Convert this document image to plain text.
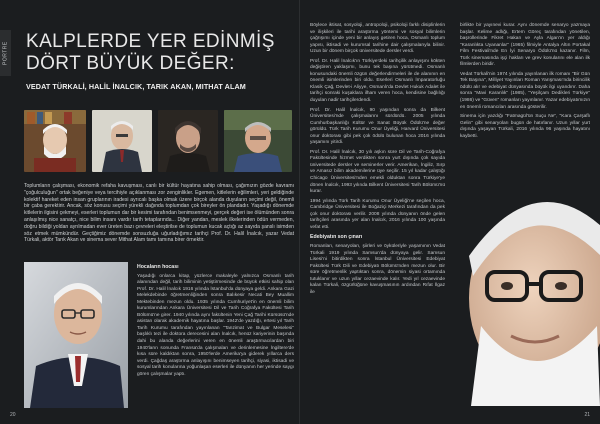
PORTRE KALPLERDE YER EDİNMİŞ DÖRT BÜYÜK DEĞER:
VEDAT TÜRKALİ, HALİL İNALCIK, TARIK AKAN, MITHAT ALAM

Toplumların çalışması, ekonomik refaha kavuşması, canlı bir kültür hayatına sahip olması, çağımızın gözde kavramı "çoğulculuğun" ortak beğeniye veya tercihiyle açıklanması zor zenginlikler. Egemen, kitlelerin eğilimleri, yeri geldiğinde kolektif hareket eden insan gruplarının iradesi ayrıcalı başka olmak üzere birçok alanda duyuların seçimi değil, önemli bir çaba gerektirir. Ancak, söz konusu seçimi yürekli dağında toplumdan çok bireyler ön plandadır. Yaşadığı dönemde kitlelerin ilgisini çekmeyi, eserleri toplumun dar bir kesimi tarafından benimsenmeyi, gerçek değeri ise ölümünden sonra anlaşılmış nice sanatçı, nice bilim insanı vardır tarih tetaplarında... Diğer yandan, meslek ilkelerinden ödün vermeden, doğru bildiği yoldan ayrılmadan ever üreten bazı çevreleri eleştirilse de toplumun kucak açtığı az sayıda şanslı isimden söz etmek mümkündür. Geçtiğimiz dönemde sonsuzluğa uğurladığımız tarihçi Prof. Dr. Halil İnalcık, yazar Vedat Türkali, aktör Tarık Akan ve sinema sever Mithat Alam tamı tamına birer örnektir.

Hocaların hocası

Yaşadığı onlarca kitap, yüzlerce makaleyle yalnızca Osmanlı tarih alanından değil, tarih biliminin yetiştirmesinde de büyük etkisi sahip olan Prof. Dr. Halil İnalcık 1916 yılında İstanbul'da dünyaya geldi. Ankara Gazi Melekdebinde öğretmenliğinden sonra Balıkesir Necati Bey Muallim Mektebinden mezun oldu. 1935 yılında Cumhuriyet'in en önemli bilim kurumlarından Ankara Üniversitesi Dil ve Tarih Coğrafya Fakültesi Tarih Bölümü'ne girer. 1940 yılında aynı fakültenin Yeni Çağ Tarihi Kürsüsü'nde asistan olarak akademik hayatına başlar. 1942'de yazdığı, ertesi yıl Tarih Tarih Kurumu tarafından yayınlanan "Tanzimat ve Bulgar Meselesi" başlıklı tezi ile doktora derecesini alan İnalcık, henüz kariyerinin başında dahi bu alanda değerlerini veren en önemli araştırmacılardan biri 1940'ların sonunda Fransa'da çalışmaları ve derinlemesine İngiltere'de kısa süre kaldıktan sonra, 1950'lerde Amerika'ya giderek yıllarca ders verdi. Çağdaş araştırma anlayışını benimseyen tarihçi, siyasi, iktisadi ve sosyal tarih konularına yoğunlaşan eserleri ile dünyanın her yerinde saygı gören çalışmalar yaptı.

20

Böylece iktisat, sosyoloji, antropoloji, psikoloji farklı disiplinlerin ve ilişkileri ile tarihi araştırma yöntemi ve sosyal bilimlerin çağrışımı içinde yeni bir anlayış getiren hoca, Osmanlı toplum yapısı, iktisadi ve kurumsal tarihine dair çalışmalarıyla bilinir. Uzun bir dönem birçok üniversitede dersler verdi.

Prof. Dr. Halil İnalcık'ın Türkiye'deki tarihçilik anlayışını kökten değiştiren yaklaşımı, bunu tek başına yürütmedi. Osmanlı konusundaki önemli özgün değerlendirmeleri ile de alanının en önemli isimlerinden biri oldu. Eserleri Osmanlı İmparatorluğu Klasik Çağ, Devlet-i Aliyye, Osmanlı'da Devlet Hukuk Adalet ile tarihçi sonraki kuşaklara ilham veren hoca, kendisine bağlılığı duyulan nadir tarihçilerdendi.

Prof. Dr. Halil İnalcık, 90 yaşından sonra da Bilkent Üniversitesi'nde çalışmalarını sürdürdü. 2005 yılında Cumhurbaşkanlığı Kültür ve Sanat Büyük Ödülü'ne değer görüldü. Türk Tarih Kurumu Onur Üyeliği, Harvard Üniversitesi onur doktorası gibi pek çok ödülü bulunan hoca 2016 yılında yaşamını yitirdi.

Prof. Dr. Halil İnalcık, 30 yılı aşkın süre Dil ve Tarih-Coğrafya Fakültesinde hizmet verdikten sonra yurt dışında çok sayıda üniversitede dersler ve seminerler verir. Amerikan, İngiliz, Sırp ve Amasız bilim akademilerine üye seçilir. 15 yıl kadar çalıştığı Chicago Üniversitesi'nden emekli olduktan sonra Türkiye'ye dönen İnalcık, 1993 yılında Bilkent Üniversitesi Tarih Bölümü'nü kurar.

1994 yılında Türk Tarih Kurumu Onur Üyeliği'ne seçilen hoca, Cambridge Üniversitesi ile Boğaziçi Merkezi tarafından da pek çok onur doktorası verilir. 2008 yılında dünyanın önde gelen tarihçileri arasında yer alan İnalcık, 2016 yılında 100 yaşında vefat etti.

Edebiyatın son çınarı

Romanları, senaryoları, şiirleri ve öyküleriyle yaşamının Vedat Türkali 1919 yılında Samsun'da dünyaya gelir. Samsun Lisesi'ni bitirdikten sonra İstanbul Üniversitesi Edebiyat Fakültesi Türk Dili ve Edebiyatı Bölümü'nden mezun olur. Bir süre öğretmenlik yaptıktan sonra, dönemin siyasi ortamında tutuklanır ve uzun yıllar cezaevinde kalır. Yedi yıl cezaevinde kalan Türkali, özgürlüğüne kavuşmasının ardından Rıfat İlgaz ile

birlikte bir yayınevi kurar. Aynı dönemde senaryo yazmaya başlar. Kelime adlığı, Ertem Göreç tarafından yönetilen, başrollerinde Fikret Hakan ve Ayla Algan'ın yer aldığı "Karanlıkta Uyananlar" (1965) filmiyle Antalya Altın Portakal Film Festivali'nde En İyi Senaryo Ödülü'nü kazanır. Film, Türk sinemasında işçi hakları ve grev konularını ele alan ilk filmlerden biridir.

Vedat Türkali'nin 1974 yılında yayınlanan ilk romanı "Bir Gün Tek Başına", Milliyet Yayınları Roman Yarışması'nda birincilik ödülü alır ve edebiyat dünyasında büyük ilgi uyandırır. Daha sonra "Mavi Karanlık" (1985), "Yeşilçam Dedikleri Türkiye" (1986) ve "Güven" romanları yayınlanır. Yazar edebiyatımızın en önemli romancıları arasında gösterilir.

Sinema için yazdığı "Fatmagül'ün Suçu Ne", "Kara Çarşaflı Gelin" gibi senaryoları bugün de hatırlanır. Uzun yıllar yurt dışında yaşayan Türkali, 2016 yılında 96 yaşında hayatını kaybetti.

21
